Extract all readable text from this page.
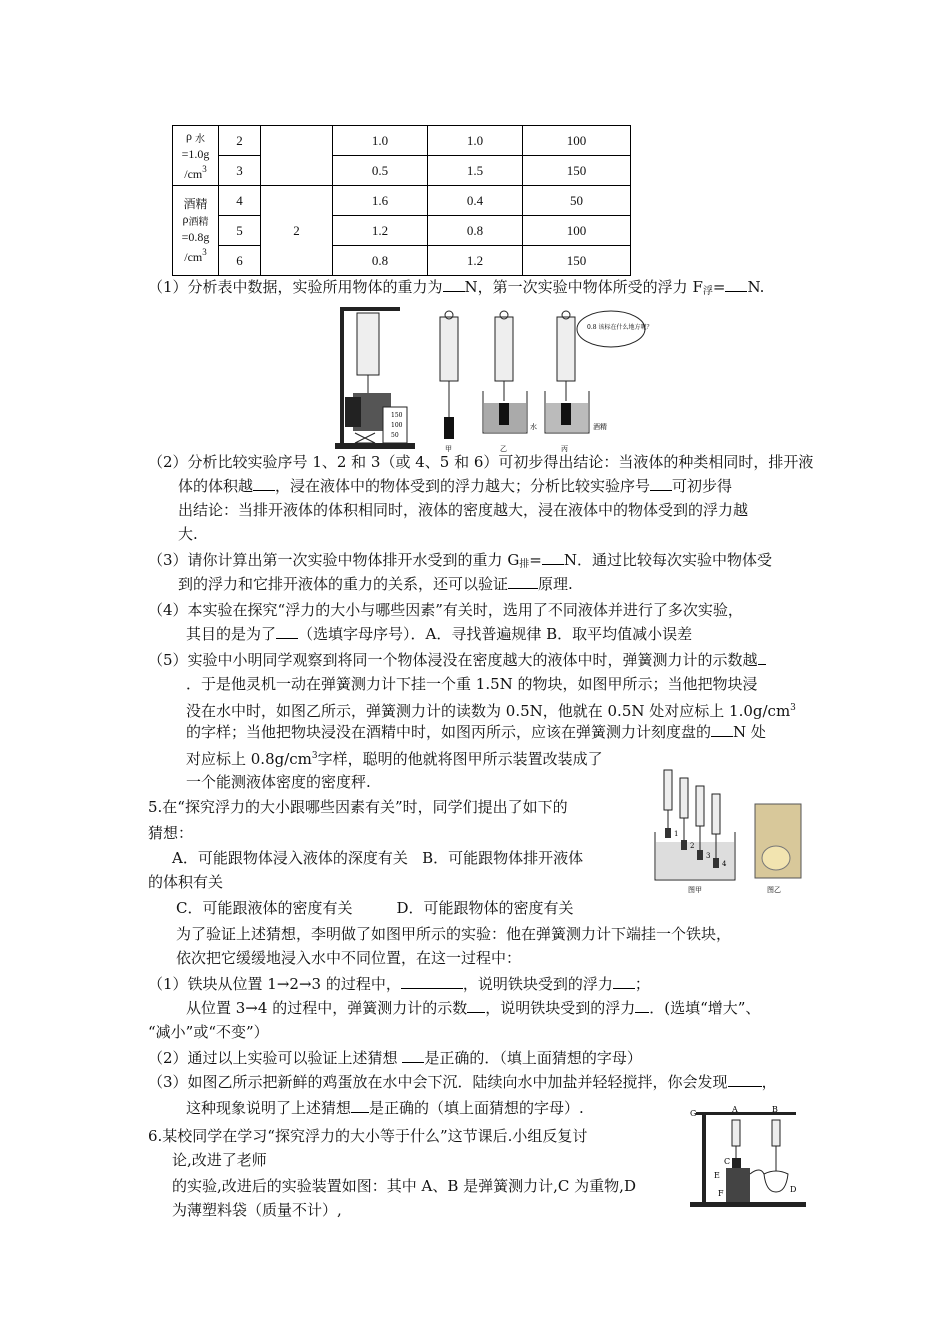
ρ $_水$
=1.0g
$/cm^3$	2		1.0	1.0	100
	3		0.5	1.5	150
酒精
$\rho_{酒精}$
=0.8g
$/cm^3$	4	2	1.6	0.4	50
	5		1.2	0.8	100
	6		0.8	1.2	150
（1）分析表中数据，实验所用物体的重力为 N，第一次实验中物体所受的浮力 $F_浮= N$.
150
100
50
甲
水
乙
酒精
丙
0.8 该标在什么地方呢？
（2）分析比较实验序号 1、2 和 3（或 4、5 和 6）可初步得出结论：当液体的种类相同时，排开液
体的体积越 ，浸在液体中的物体受到的浮力越大；分析比较实验序号 可初步得
出结论：当排开液体的体积相同时，液体的密度越大，浸在液体中的物体受到的浮力越
大.
（3）请你计算出第一次实验中物体排开水受到的重力 $G_排= N$．通过比较每次实验中物体受
到的浮力和它排开液体的重力的关系，还可以验证 原理.
（4）本实验在探究“浮力的大小与哪些因素”有关时，选用了不同液体并进行了多次实验，
其目的是为了 （选填字母序号）．A．寻找普遍规律 B．取平均值减小误差
（5）实验中小明同学观察到将同一个物体浸没在密度越大的液体中时，弹簧测力计的示数越
．于是他灵机一动在弹簧测力计下挂一个重 1.5N 的物块，如图甲所示；当他把物块浸
没在水中时，如图乙所示，弹簧测力计的读数为 0.5N，他就在 0.5N 处对应标上 $1.0g/cm^3$
的字样；当他把物块浸没在酒精中时，如图丙所示，应该在弹簧测力计刻度盘的 N 处
对应标上 $0.8g/cm^3$字样，聪明的他就将图甲所示装置改装成了
一个能测液体密度的密度秤.
5.在“探究浮力的大小跟哪些因素有关”时，同学们提出了如下的
猜想：
A．可能跟物体浸入液体的深度有关 B．可能跟物体排开液体
的体积有关
C．可能跟液体的密度有关	D．可能跟物体的密度有关
为了验证上述猜想，李明做了如图甲所示的实验：他在弹簧测力计下端挂一个铁块，
依次把它缓缓地浸入水中不同位置，在这一过程中：
（1）铁块从位置 1→2→3 的过程中，	，说明铁块受到的浮力 ；
从位置 3→4 的过程中，弹簧测力计的示数 ，说明铁块受到的浮力 ．(选填“增大”、
“减小”或“不变”）
（2）通过以上实验可以验证上述猜想 是正确的．（填上面猜想的字母）
（3）如图乙所示把新鲜的鸡蛋放在水中会下沉．陆续向水中加盐并轻轻搅拌，你会发现 ，
这种现象说明了上述猜想 是正确的（填上面猜想的字母）.
1
2
3
4
图甲	图乙
6.某校同学在学习“探究浮力的大小等于什么”这节课后.小组反复讨
论,改进了老师
的实验,改进后的实验装置如图：其中 A、B 是弹簧测力计,C 为重物,D
为薄塑料袋（质量不计）,
G	A	B
C
E
F	D
